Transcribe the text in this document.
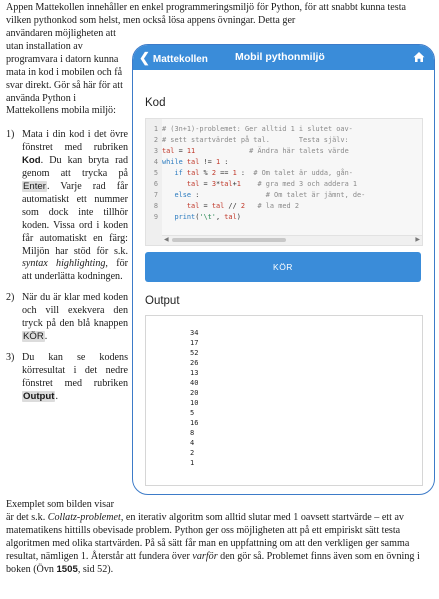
Appen Mattekollen innehåller en enkel programmeringsmiljö för Python, för att snabbt kunna testa vilken pythonkod som helst, men också lösa appens övningar. Detta ger

användaren möjligheten att utan installation av programvara i datorn kunna mata in kod i mobilen och få svar direkt. Gör så här för att använda Python i Mattekollens mobila miljö:

1) Mata i din kod i det övre fönstret med rubriken Kod. Du kan bryta rad genom att trycka på Enter. Varje rad får automatiskt ett nummer som dock inte tillhör koden. Vissa ord i koden får automatiskt en färg: Miljön har stöd för s.k. syntax highlighting, för att underlätta kodningen.

2) När du är klar med koden och vill exekvera den tryck på den blå knappen KÖR.

3) Du kan se kodens körresultat i det nedre fönstret med rubriken Output.

❮ Mattekollen	Mobil pythonmiljö
Kod
1 # (3n+1)-problemet: Ger alltid 1 i slutet oav-
2 # sett startvärdet på tal.       Testa själv:
3 tal = 11	# Ändra här talets värde
4 while tal != 1 :
5 if tal % 2 == 1 :  # Om talet är udda, gån-
6	tal = 3*tal+1 # gra med 3 och addera 1
7 else :                # Om talet är jämnt, de-
8	tal = tal // 2 # la med 2
9 print('\t', tal)
◀	▶
KÖR
Output
34
17
52
26
13
40
20
10
5
16
8
4
2
1

Exemplet som bilden visar
är det s.k. Collatz-problemet, en iterativ algoritm som alltid slutar med 1 oavsett startvärde – ett av matematikens hittills obevisade problem. Python ger oss möjligheten att på ett empiriskt sätt testa algoritmen med olika startvärden. På så sätt får man en uppfattning om att den verkligen ger samma resultat, nämligen 1. Återstår att fundera över varför den gör så. Problemet finns även som en övning i boken (Övn 1505, sid 52).
